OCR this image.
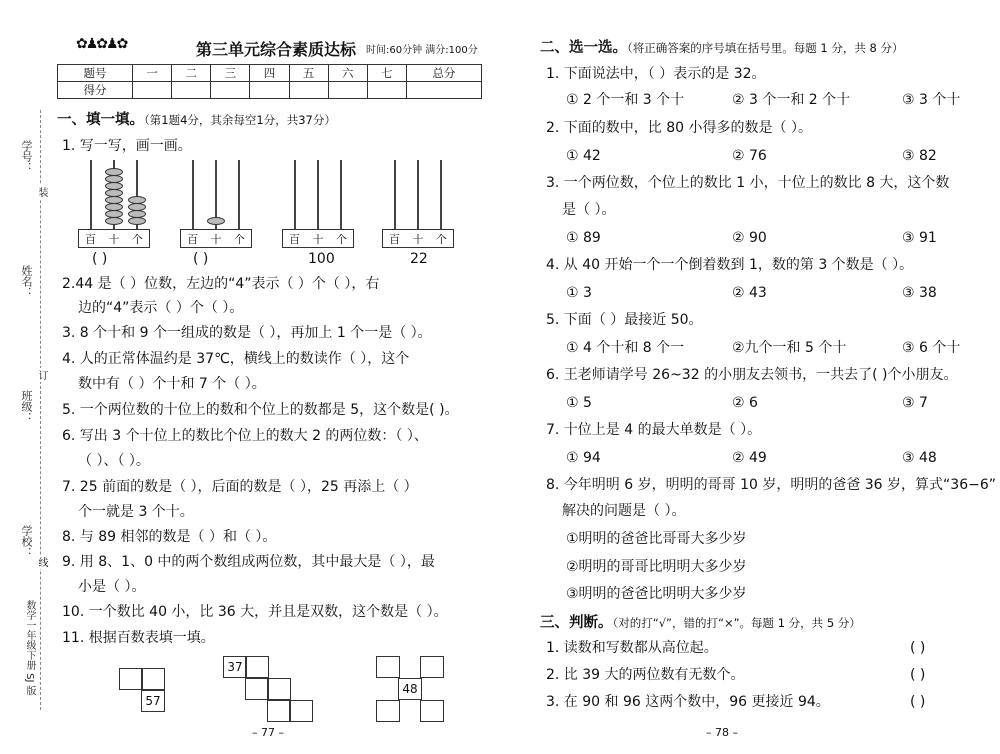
学号：
姓名：
班级：
学校：
装
订
线
数学一年级下册 SJ 版
✿♟✿♟✿	第三单元综合素质达标 时间:60分钟 满分:100分
题号	一	二	三	四	五	六	七	总分
得分								
一、填一填。（第1题4分，其余每空1分，共37分）
1. 写一写，画一画。
百 十 个	百 十 个	百 十 个	百 十 个
( )	( )	100	22
2.44 是（ ）位数，左边的“4”表示（ ）个（ ），右
边的“4”表示（ ）个（ ）。
3. 8 个十和 9 个一组成的数是（ ），再加上 1 个一是（ ）。
4. 人的正常体温约是 37℃，横线上的数读作（ ），这个
数中有（ ）个十和 7 个（ ）。
5. 一个两位数的十位上的数和个位上的数都是 5，这个数是( )。
6. 写出 3 个十位上的数比个位上的数大 2 的两位数：（ ）、
（ ）、（ ）。
7. 25 前面的数是（ ），后面的数是（ ），25 再添上（ ）
个一就是 3 个十。
8. 与 89 相邻的数是（ ）和（ ）。
9. 用 8、1、0 中的两个数组成两位数，其中最大是（ ），最
小是（ ）。
10. 一个数比 40 小，比 36 大，并且是双数，这个数是（ ）。
11. 根据百数表填一填。
57
37
48
– 77 –
二、选一选。（将正确答案的序号填在括号里。每题 1 分，共 8 分）
1. 下面说法中，（ ）表示的是 32。
① 2 个一和 3 个十	② 3 个一和 2 个十	③ 3 个十
2. 下面的数中，比 80 小得多的数是（ ）。
① 42	② 76	③ 82
3. 一个两位数，个位上的数比 1 小，十位上的数比 8 大，这个数
是（ ）。
① 89	② 90	③ 91
4. 从 40 开始一个一个倒着数到 1，数的第 3 个数是（ ）。
① 3	② 43	③ 38
5. 下面（ ）最接近 50。
① 4 个十和 8 个一	②九个一和 5 个十	③ 6 个十
6. 王老师请学号 26~32 的小朋友去领书，一共去了( )个小朋友。
① 5	② 6	③ 7
7. 十位上是 4 的最大单数是（ ）。
① 94	② 49	③ 48
8. 今年明明 6 岁，明明的哥哥 10 岁，明明的爸爸 36 岁，算式“36−6”
解决的问题是（ ）。
①明明的爸爸比哥哥大多少岁
②明明的哥哥比明明大多少岁
③明明的爸爸比明明大多少岁
三、判断。（对的打“√”，错的打“×”。每题 1 分，共 5 分）
1. 读数和写数都从高位起。	( )
2. 比 39 大的两位数有无数个。	( )
3. 在 90 和 96 这两个数中，96 更接近 94。	( )
– 78 –
